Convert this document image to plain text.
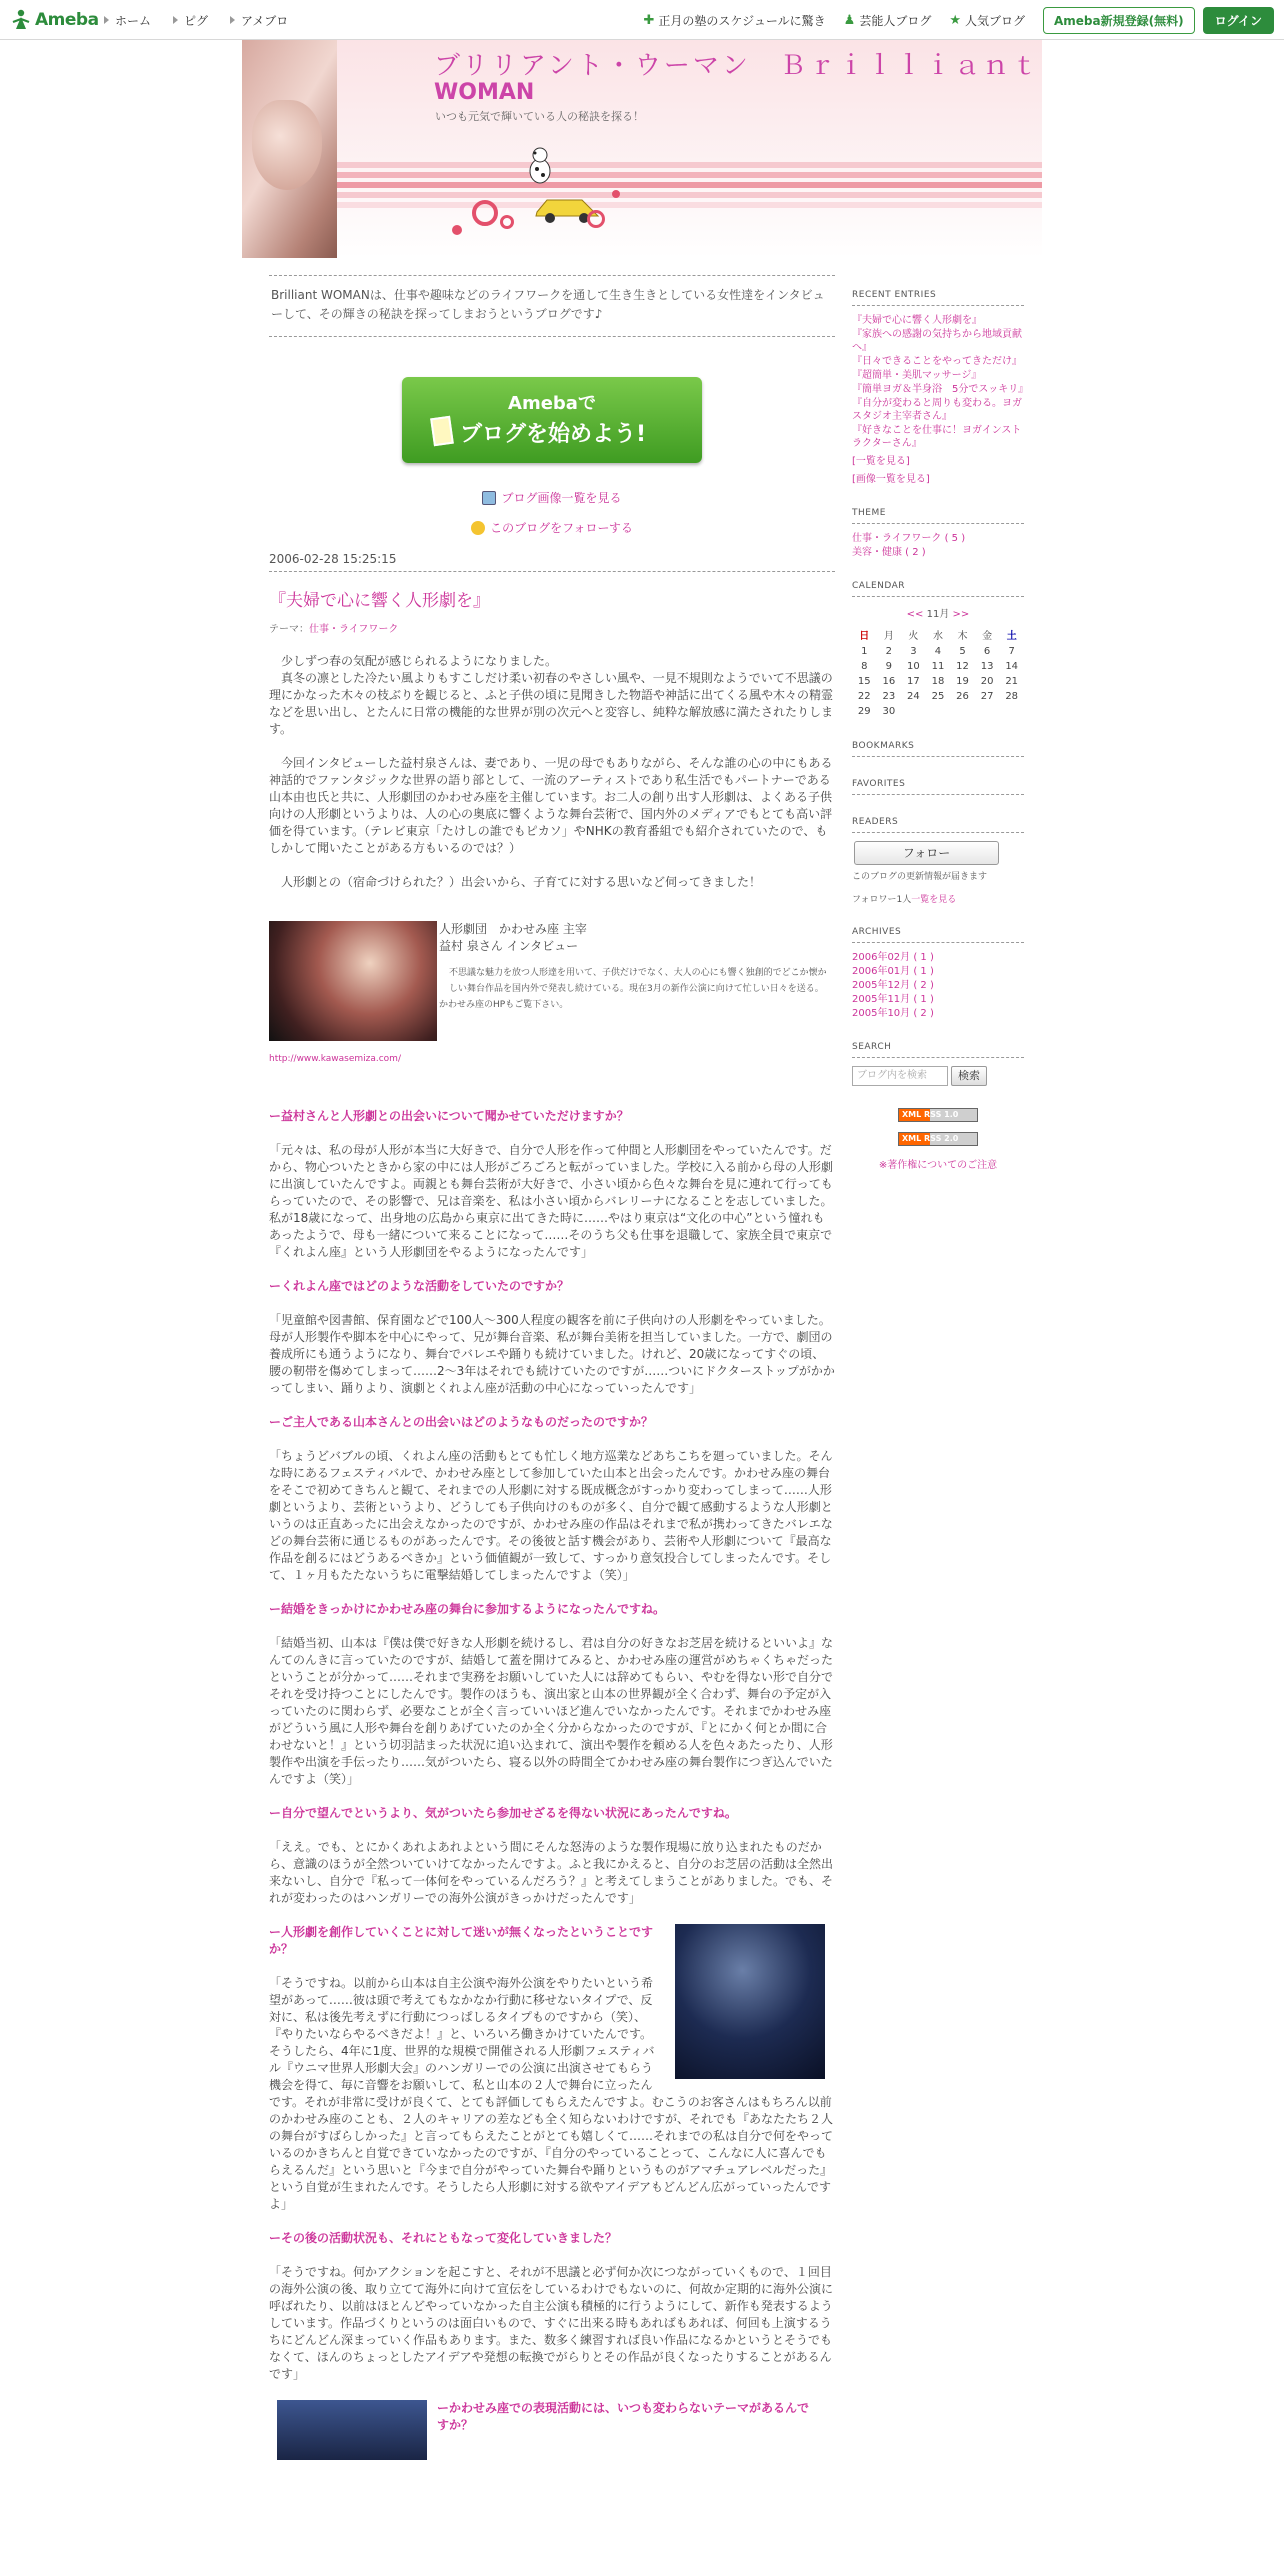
Ameba ホーム	ピグ	アメブロ	✚ 正月の塾のスケジュールに驚き ♟ 芸能人ブログ ★ 人気ブログ	Ameba新規登録(無料)	ログイン
ブリリアント・ウーマン　Ｂｒｉｌｌｉａｎｔ
WOMAN
いつも元気で輝いている人の秘訣を探る！
Brilliant WOMANは、仕事や趣味などのライフワークを通して生き生きとしている女性達をインタビューして、その輝きの秘訣を探ってしまおうというブログです♪
Amebaで
ブログを始めよう!
ブログ画像一覧を見る
このブログをフォローする
2006-02-28 15:25:15
『夫婦で心に響く人形劇を』
テーマ：仕事・ライフワーク

　少しずつ春の気配が感じられるようになりました。
　真冬の凛とした冷たい風よりもすこしだけ柔い初春のやさしい風や、一見不規則なようでいて不思議の理にかなった木々の枝ぶりを観じると、ふと子供の頃に見聞きした物語や神話に出てくる風や木々の精霊などを思い出し、とたんに日常の機能的な世界が別の次元へと変容し、純粋な解放感に満たされたりします。

　今回インタビューした益村泉さんは、妻であり、一児の母でもありながら、そんな誰の心の中にもある神話的でファンタジックな世界の語り部として、一流のアーティストであり私生活でもパートナーである山本由也氏と共に、人形劇団のかわせみ座を主催しています。お二人の創り出す人形劇は、よくある子供向けの人形劇というよりは、人の心の奥底に響くような舞台芸術で、国内外のメディアでもとても高い評価を得ています。（テレビ東京「たけしの誰でもピカソ」やNHKの教育番組でも紹介されていたので、もしかして聞いたことがある方もいるのでは？）

　人形劇との（宿命づけられた？）出会いから、子育てに対する思いなど伺ってきました！

人形劇団　かわせみ座 主宰
益村 泉さん インタビュー
不思議な魅力を放つ人形達を用いて、子供だけでなく、大人の心にも響く独創的でどこか懐かしい舞台作品を国内外で発表し続けている。現在3月の新作公演に向けて忙しい日々を送る。
かわせみ座のHPもご覧下さい。
http://www.kawasemiza.com/
ー益村さんと人形劇との出会いについて聞かせていただけますか？

「元々は、私の母が人形が本当に大好きで、自分で人形を作って仲間と人形劇団をやっていたんです。だから、物心ついたときから家の中には人形がごろごろと転がっていました。学校に入る前から母の人形劇に出演していたんですよ。両親とも舞台芸術が大好きで、小さい頃から色々な舞台を見に連れて行ってもらっていたので、その影響で、兄は音楽を、私は小さい頃からバレリーナになることを志していました。私が18歳になって、出身地の広島から東京に出てきた時に……やはり東京は“文化の中心”という憧れもあったようで、母も一緒について来ることになって……そのうち父も仕事を退職して、家族全員で東京で『くれよん座』という人形劇団をやるようになったんです」

ーくれよん座ではどのような活動をしていたのですか？

「児童館や図書館、保育園などで100人～300人程度の観客を前に子供向けの人形劇をやっていました。母が人形製作や脚本を中心にやって、兄が舞台音楽、私が舞台美術を担当していました。一方で、劇団の養成所にも通うようになり、舞台でバレエや踊りも続けていました。けれど、20歳になってすぐの頃、腰の靭帯を傷めてしまって……2～3年はそれでも続けていたのですが……ついにドクターストップがかかってしまい、踊りより、演劇とくれよん座が活動の中心になっていったんです」

ーご主人である山本さんとの出会いはどのようなものだったのですか？

「ちょうどバブルの頃、くれよん座の活動もとても忙しく地方巡業などあちこちを廻っていました。そんな時にあるフェスティバルで、かわせみ座として参加していた山本と出会ったんです。かわせみ座の舞台をそこで初めてきちんと観て、それまでの人形劇に対する既成概念がすっかり変わってしまって……人形劇というより、芸術というより、どうしても子供向けのものが多く、自分で観て感動するような人形劇というのは正直あったに出会えなかったのですが、かわせみ座の作品はそれまで私が携わってきたバレエなどの舞台芸術に通じるものがあったんです。その後彼と話す機会があり、芸術や人形劇について『最高な作品を創るにはどうあるべきか』という価値観が一致して、すっかり意気投合してしまったんです。そして、１ヶ月もたたないうちに電撃結婚してしまったんですよ（笑）」

ー結婚をきっかけにかわせみ座の舞台に参加するようになったんですね。

「結婚当初、山本は『僕は僕で好きな人形劇を続けるし、君は自分の好きなお芝居を続けるといいよ』なんてのんきに言っていたのですが、結婚して蓋を開けてみると、かわせみ座の運営がめちゃくちゃだったということが分かって……それまで実務をお願いしていた人には辞めてもらい、やむを得ない形で自分でそれを受け持つことにしたんです。製作のほうも、演出家と山本の世界観が全く合わず、舞台の予定が入っていたのに関わらず、必要なことが全く言っていいほど進んでいなかったんです。それまでかわせみ座がどういう風に人形や舞台を創りあげていたのか全く分からなかったのですが、『とにかく何とか間に合わせないと！』という切羽詰まった状況に追い込まれて、演出や製作を頼める人を色々あたったり、人形製作や出演を手伝ったり……気がついたら、寝る以外の時間全てかわせみ座の舞台製作につぎ込んでいたんですよ（笑）」

ー自分で望んでというより、気がついたら参加せざるを得ない状況にあったんですね。

「ええ。でも、とにかくあれよあれよという間にそんな怒涛のような製作現場に放り込まれたものだから、意識のほうが全然ついていけてなかったんですよ。ふと我にかえると、自分のお芝居の活動は全然出来ないし、自分で『私って一体何をやっているんだろう？』と考えてしまうことがありました。でも、それが変わったのはハンガリーでの海外公演がきっかけだったんです」

ー人形劇を創作していくことに対して迷いが無くなったということですか？

「そうですね。以前から山本は自主公演や海外公演をやりたいという希望があって……彼は頭で考えてもなかなか行動に移せないタイプで、反対に、私は後先考えずに行動につっぱしるタイプものですから（笑）、『やりたいならやるべきだよ！』と、いろいろ働きかけていたんです。そうしたら、4年に1度、世界的な規模で開催される人形劇フェスティバル『ウニマ世界人形劇大会』のハンガリーでの公演に出演させてもらう機会を得て、毎に音響をお願いして、私と山本の２人で舞台に立ったんです。それが非常に受けが良くて、とても評価してもらえたんですよ。むこうのお客さんはもちろん以前のかわせみ座のことも、２人のキャリアの差なども全く知らないわけですが、それでも『あなたたち２人の舞台がすばらしかった』と言ってもらえたことがとても嬉しくて……それまでの私は自分で何をやっているのかきちんと自覚できていなかったのですが、『自分のやっていることって、こんなに人に喜んでもらえるんだ』という思いと『今まで自分がやっていた舞台や踊りというものがアマチュアレベルだった』という自覚が生まれたんです。そうしたら人形劇に対する欲やアイデアもどんどん広がっていったんですよ」

ーその後の活動状況も、それにともなって変化していきました？

「そうですね。何かアクションを起こすと、それが不思議と必ず何か次につながっていくもので、１回目の海外公演の後、取り立てて海外に向けて宣伝をしているわけでもないのに、何故か定期的に海外公演に呼ばれたり、以前はほとんどやっていなかった自主公演も積極的に行うようにして、新作も発表するようしています。作品づくりというのは面白いもので、すぐに出来る時もあればもあれば、何回も上演するうちにどんどん深まっていく作品もあります。また、数多く練習すれば良い作品になるかというとそうでもなくて、ほんのちょっとしたアイデアや発想の転換でがらりとその作品が良くなったりすることがあるんです」

ーかわせみ座での表現活動には、いつも変わらないテーマがあるんですか？
RECENT ENTRIES
『夫婦で心に響く人形劇を』
『家族への感謝の気持ちから地域貢献へ』
『日々できることをやってきただけ』
『超簡単・美肌マッサージ』
『簡単ヨガ＆半身浴　5分でスッキリ』
『自分が変わると周りも変わる。ヨガスタジオ主宰者さん』
『好きなことを仕事に！ヨガインストラクターさん』
[一覧を見る]
[画像一覧を見る]
THEME
仕事・ライフワーク ( 5 )
美容・健康 ( 2 )
CALENDAR
<< 11月 >>
日	月	火	水	木	金	土
1	2	3	4	5	6	7
8	9	10	11	12	13	14
15	16	17	18	19	20	21
22	23	24	25	26	27	28
29	30					
BOOKMARKS
FAVORITES
READERS
フォロー
このブログの更新情報が届きます
フォロワー1人一覧を見る
ARCHIVES
2006年02月 ( 1 )
2006年01月 ( 1 )
2005年12月 ( 2 )
2005年11月 ( 1 )
2005年10月 ( 2 )
SEARCH
ブログ内を検索	検索
XML RSS 1.0
XML RSS 2.0
※著作権についてのご注意
